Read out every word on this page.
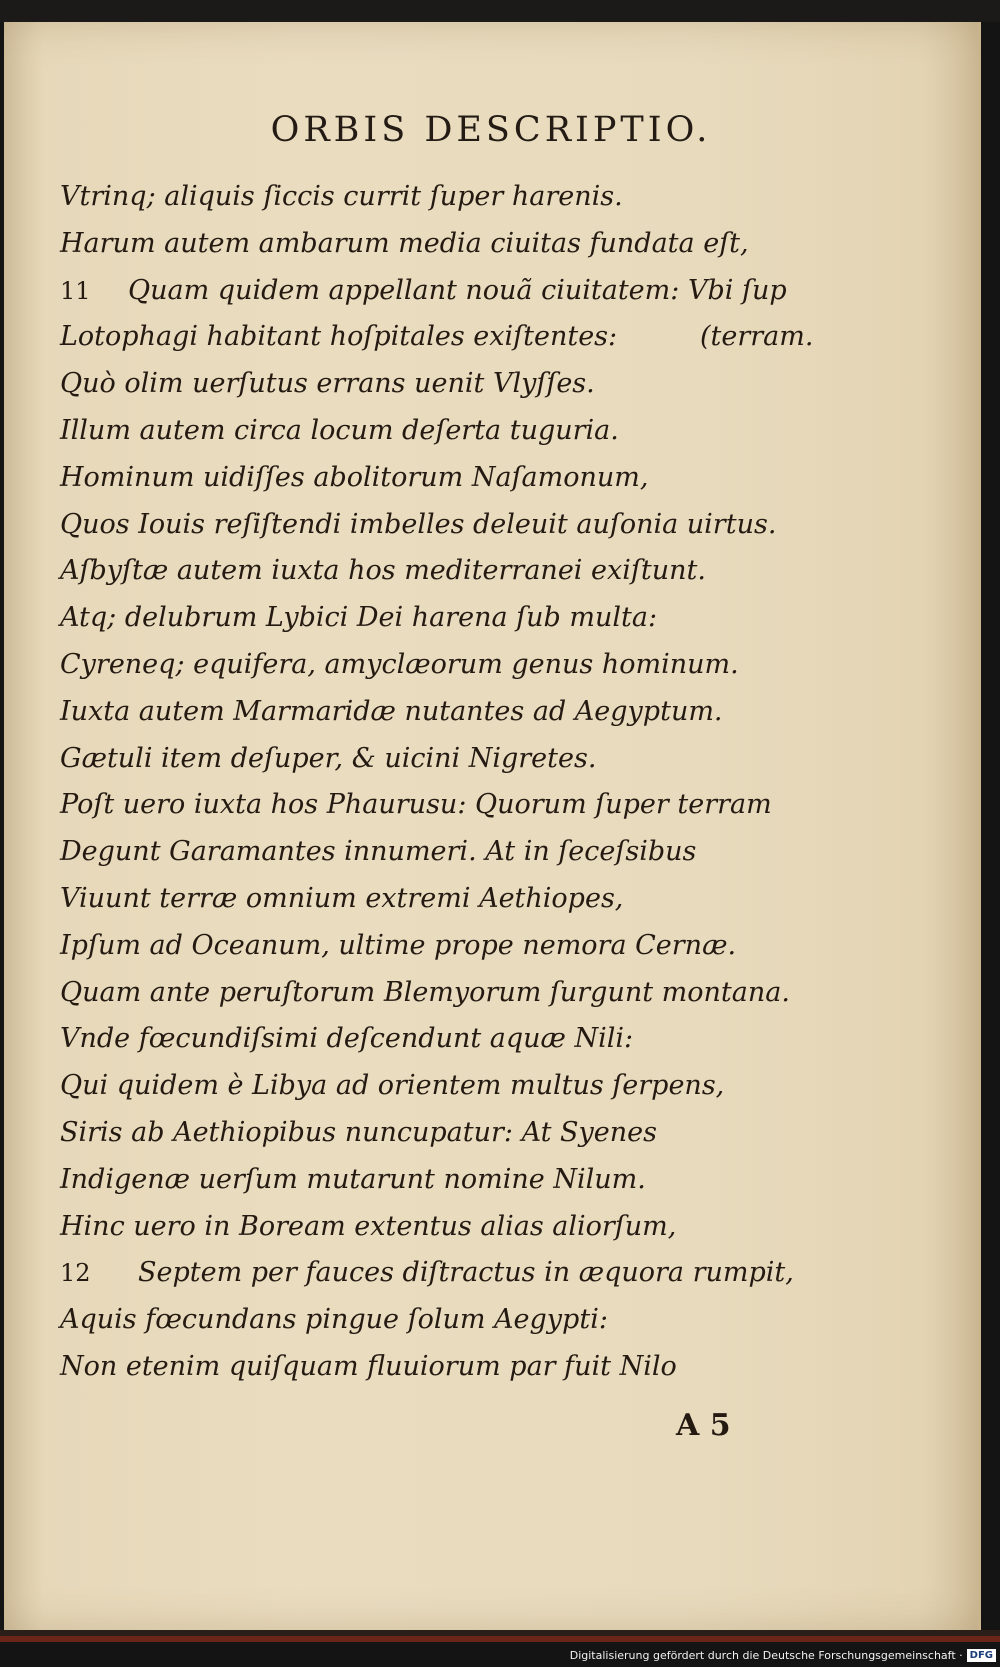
ORBIS DESCRIPTIO.
Vtrinq; aliquis ſiccis currit ſuper harenis.
Harum autem ambarum media ciuitas fundata eſt,
11 Quam quidem appellant nouã ciuitatem: Vbi ſup
Lotophagi habitant hoſpitales exiſtentes:	(terram.
Quò olim uerſutus errans uenit Vlyſſes.
Illum autem circa locum deſerta tuguria.
Hominum uidiſſes abolitorum Naſamonum,
Quos Iouis reſiſtendi imbelles deleuit auſonia uirtus.
Aſbyſtæ autem iuxta hos mediterranei exiſtunt.
Atq; delubrum Lybici Dei harena ſub multa:
Cyreneq; equifera, amyclæorum genus hominum.
Iuxta autem Marmaridæ nutantes ad Aegyptum.
Gætuli item deſuper, & uicini Nigretes.
Poſt uero iuxta hos Phaurusu: Quorum ſuper terram
Degunt Garamantes innumeri. At in ſeceſsibus
Viuunt terræ omnium extremi Aethiopes,
Ipſum ad Oceanum, ultime prope nemora Cernæ.
Quam ante peruſtorum Blemyorum ſurgunt montana.
Vnde fœcundiſsimi deſcendunt aquæ Nili:
Qui quidem è Libya ad orientem multus ſerpens,
Siris ab Aethiopibus nuncupatur: At Syenes
Indigenæ uerſum mutarunt nomine Nilum.
Hinc uero in Boream extentus alias aliorſum,
12 Septem per fauces diſtractus in æquora rumpit,
Aquis fœcundans pingue ſolum Aegypti:
Non etenim quiſquam fluuiorum par fuit Nilo
A 5
Digitalisierung gefördert durch die Deutsche Forschungsgemeinschaft · DFG
